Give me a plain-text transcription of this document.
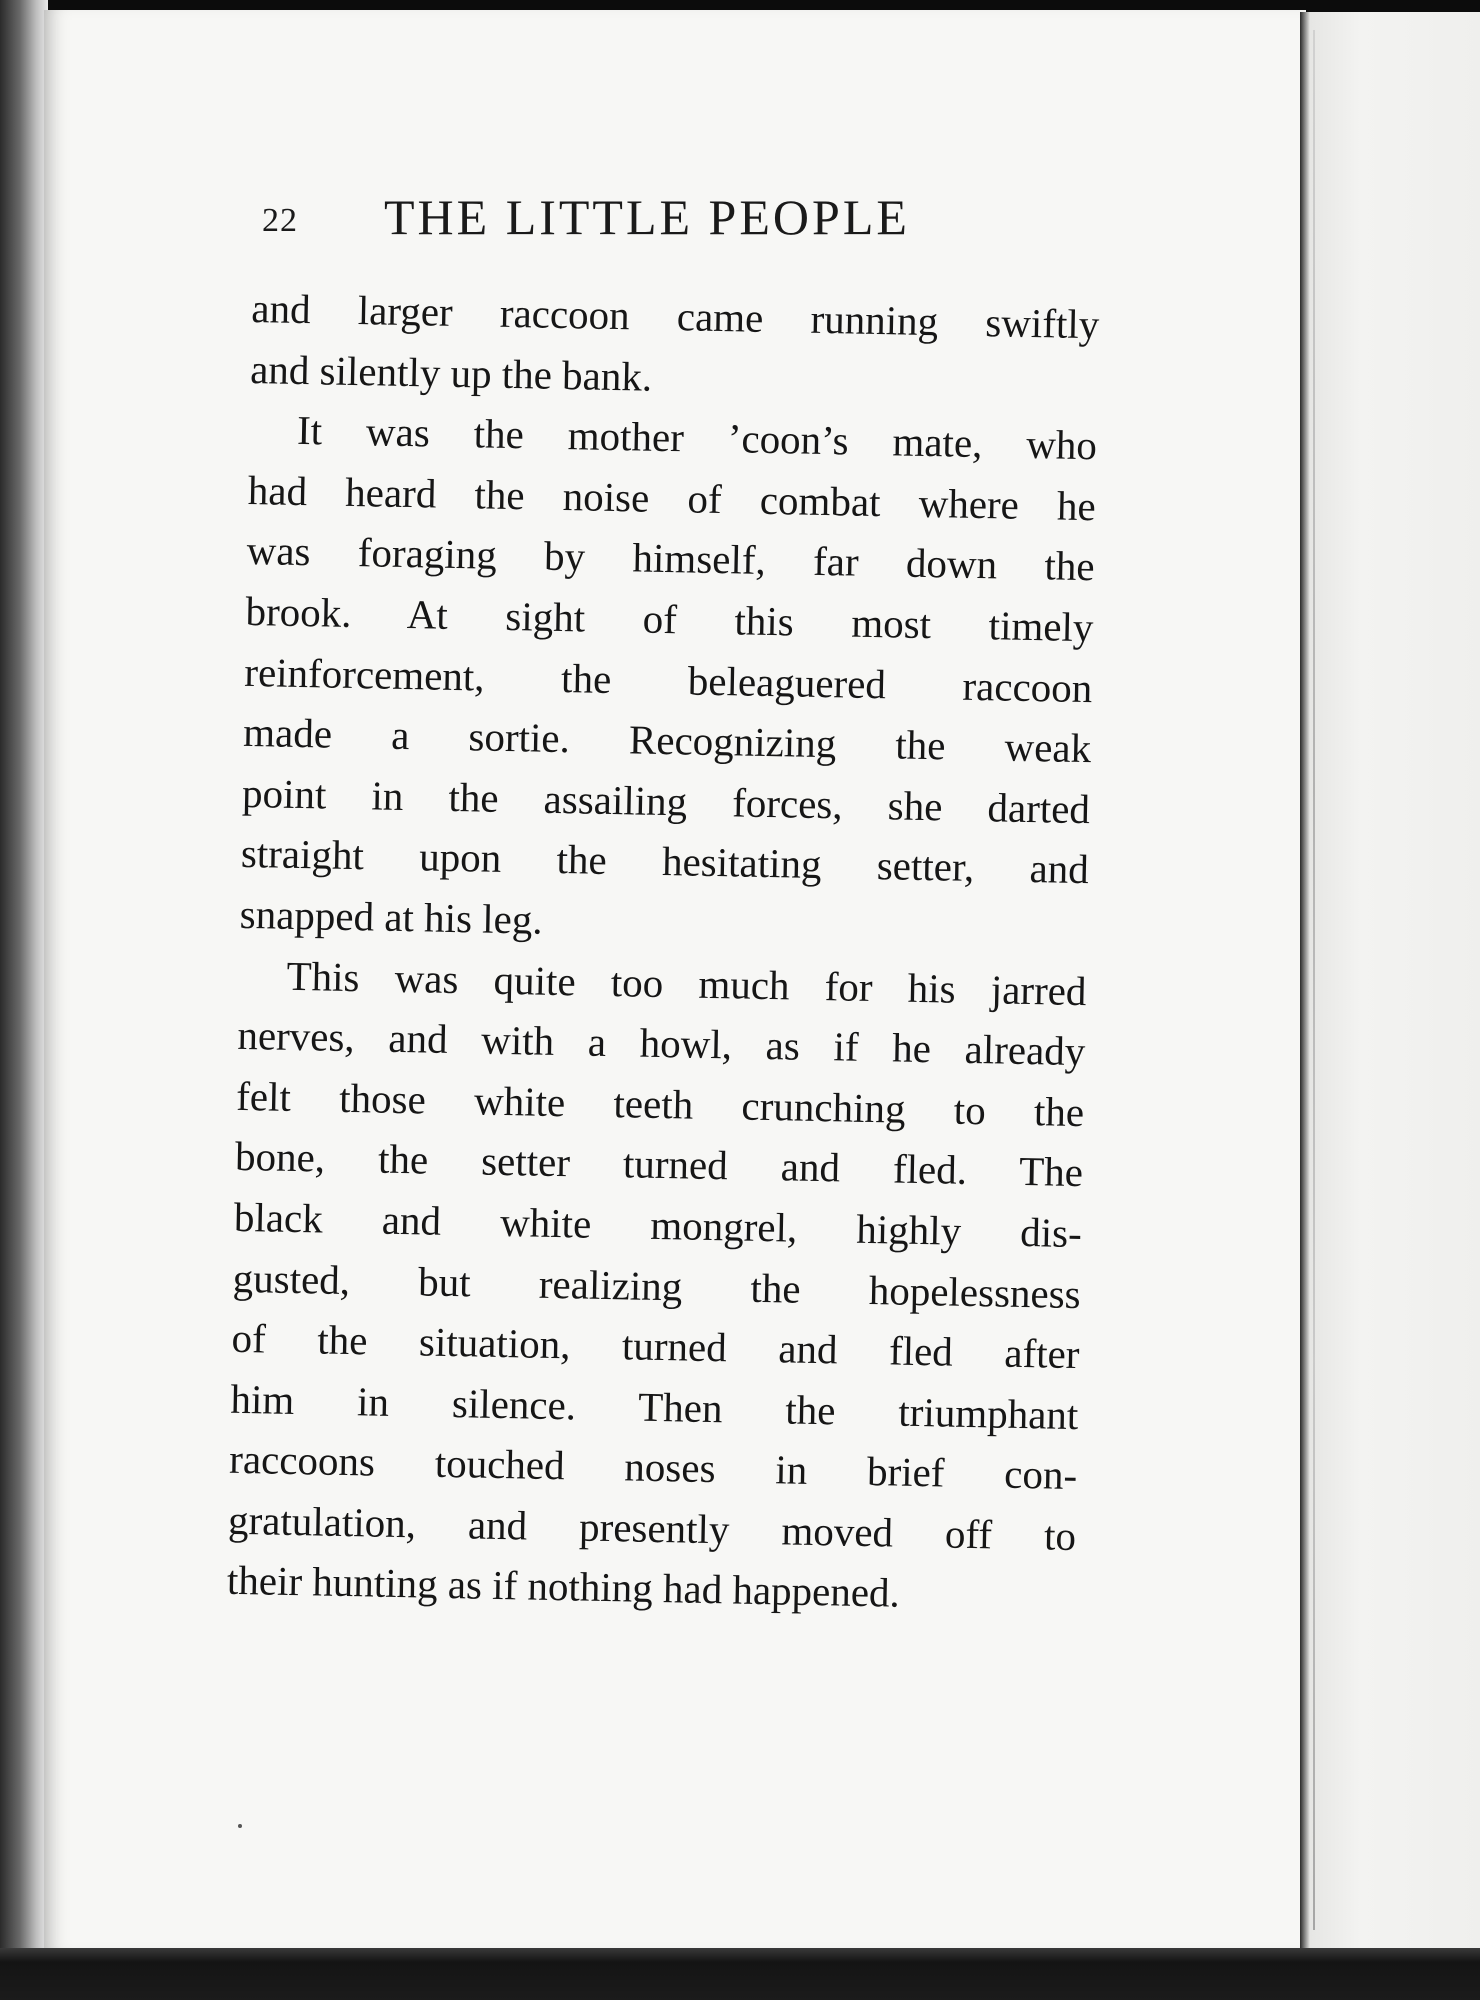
22 THE LITTLE PEOPLE
and larger raccoon came running swiftly
and silently up the bank.
It was the mother ’coon’s mate, who
had heard the noise of combat where he
was foraging by himself, far down the
brook. At sight of this most timely
reinforcement, the beleaguered raccoon
made a sortie. Recognizing the weak
point in the assailing forces, she darted
straight upon the hesitating setter, and
snapped at his leg.
This was quite too much for his jarred
nerves, and with a howl, as if he already
felt those white teeth crunching to the
bone, the setter turned and fled. The
black and white mongrel, highly dis-
gusted, but realizing the hopelessness
of the situation, turned and fled after
him in silence. Then the triumphant
raccoons touched noses in brief con-
gratulation, and presently moved off to
their hunting as if nothing had happened.
